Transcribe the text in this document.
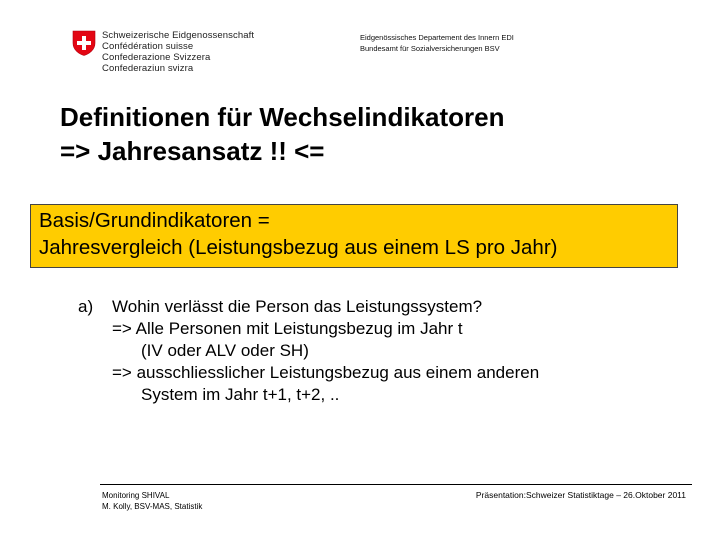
Schweizerische Eidgenossenschaft
Confédération suisse
Confederazione Svizzera
Confederaziun svizra
Eidgenössisches Departement des Innern EDI
Bundesamt für Sozialversicherungen BSV
Definitionen für Wechselindikatoren
=> Jahresansatz !! <=
Basis/Grundindikatoren =
Jahresvergleich (Leistungsbezug aus einem LS pro Jahr)
a) Wohin verlässt die Person das Leistungssystem?
=> Alle Personen mit Leistungsbezug im Jahr t
(IV oder ALV oder SH)
=> ausschliesslicher Leistungsbezug aus einem anderen
System im Jahr t+1, t+2, ..
Monitoring SHIVAL
M. Kolly, BSV-MAS, Statistik
Präsentation:Schweizer Statistiktage – 26.Oktober 2011
